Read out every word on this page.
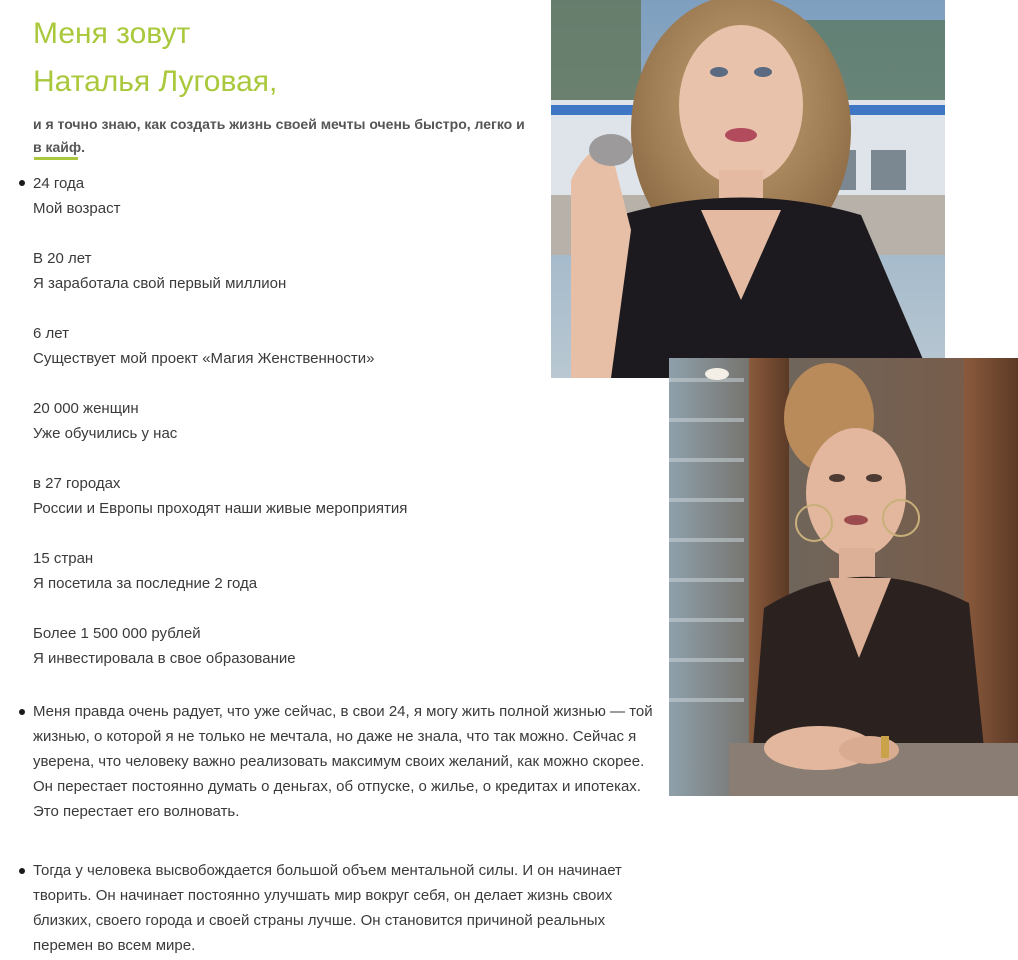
Меня зовут
Наталья Луговая,
и я точно знаю, как создать жизнь своей мечты очень быстро, легко и в кайф.
24 года
Мой возраст
В 20 лет
Я заработала свой первый миллион
6 лет
Существует мой проект «Магия Женственности»
20 000 женщин
Уже обучились у нас
в 27 городах
России и Европы проходят наши живые мероприятия
15 стран
Я посетила за последние 2 года
Более 1 500 000 рублей
Я инвестировала в свое образование

Меня правда очень радует, что уже сейчас, в свои 24, я могу жить полной жизнью — той жизнью, о которой я не только не мечтала, но даже не знала, что так можно. Сейчас я уверена, что человеку важно реализовать максимум своих желаний, как можно скорее. Он перестает постоянно думать о деньгах, об отпуске, о жилье, о кредитах и ипотеках. Это перестает его волновать.

Тогда у человека высвобождается большой объем ментальной силы. И он начинает творить. Он начинает постоянно улучшать мир вокруг себя, он делает жизнь своих близких, своего города и своей страны лучше. Он становится причиной реальных перемен во всем мире.
